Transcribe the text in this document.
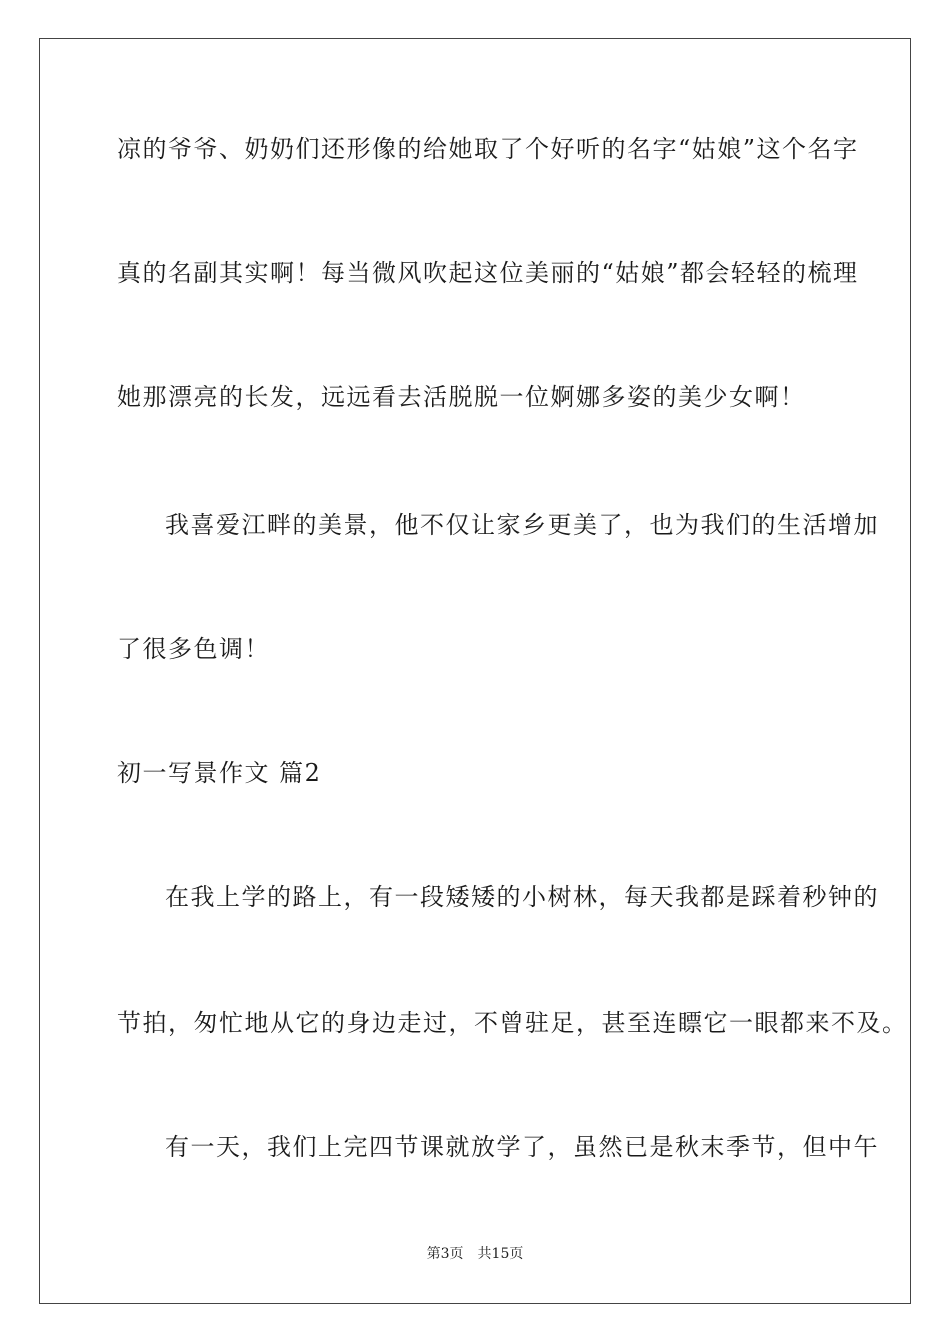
凉的爷爷、奶奶们还形像的给她取了个好听的名字“姑娘”这个名字
真的名副其实啊！每当微风吹起这位美丽的“姑娘”都会轻轻的梳理
她那漂亮的长发，远远看去活脱脱一位婀娜多姿的美少女啊！
我喜爱江畔的美景，他不仅让家乡更美了，也为我们的生活增加
了很多色调！
初一写景作文 篇2
在我上学的路上，有一段矮矮的小树林，每天我都是踩着秒钟的
节拍，匆忙地从它的身边走过，不曾驻足，甚至连瞟它一眼都来不及。
有一天，我们上完四节课就放学了，虽然已是秋末季节，但中午
第3页 共15页
